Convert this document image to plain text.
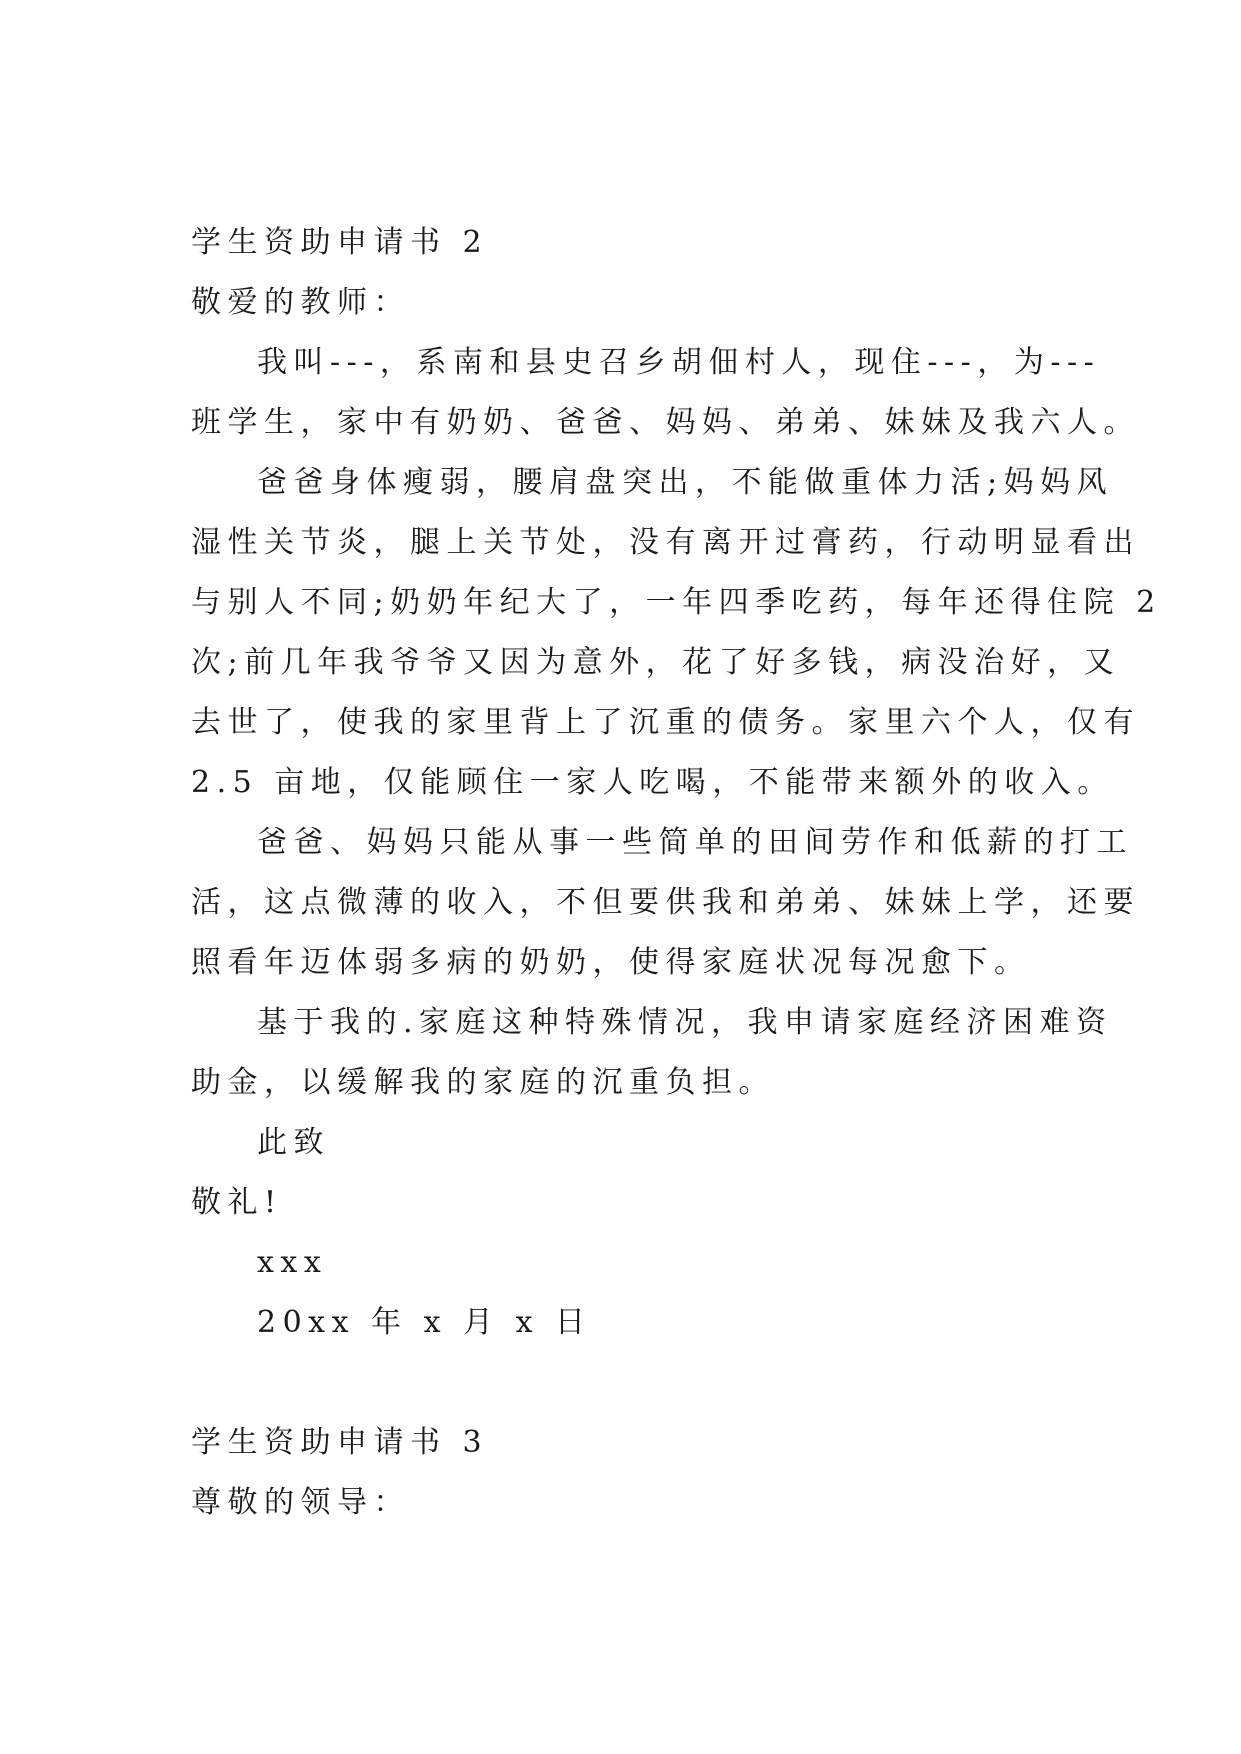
学生资助申请书 2
敬爱的教师：
我叫---，系南和县史召乡胡佃村人，现住---，为---
班学生，家中有奶奶、爸爸、妈妈、弟弟、妹妹及我六人。
爸爸身体瘦弱，腰肩盘突出，不能做重体力活;妈妈风
湿性关节炎，腿上关节处，没有离开过膏药，行动明显看出
与别人不同;奶奶年纪大了，一年四季吃药，每年还得住院 2
次;前几年我爷爷又因为意外，花了好多钱，病没治好，又
去世了，使我的家里背上了沉重的债务。家里六个人，仅有
2.5 亩地，仅能顾住一家人吃喝，不能带来额外的收入。
爸爸、妈妈只能从事一些简单的田间劳作和低薪的打工
活，这点微薄的收入，不但要供我和弟弟、妹妹上学，还要
照看年迈体弱多病的奶奶，使得家庭状况每况愈下。
基于我的.家庭这种特殊情况，我申请家庭经济困难资
助金，以缓解我的家庭的沉重负担。
此致
敬礼!
xxx
20xx 年 x 月 x 日
学生资助申请书 3
尊敬的领导：
